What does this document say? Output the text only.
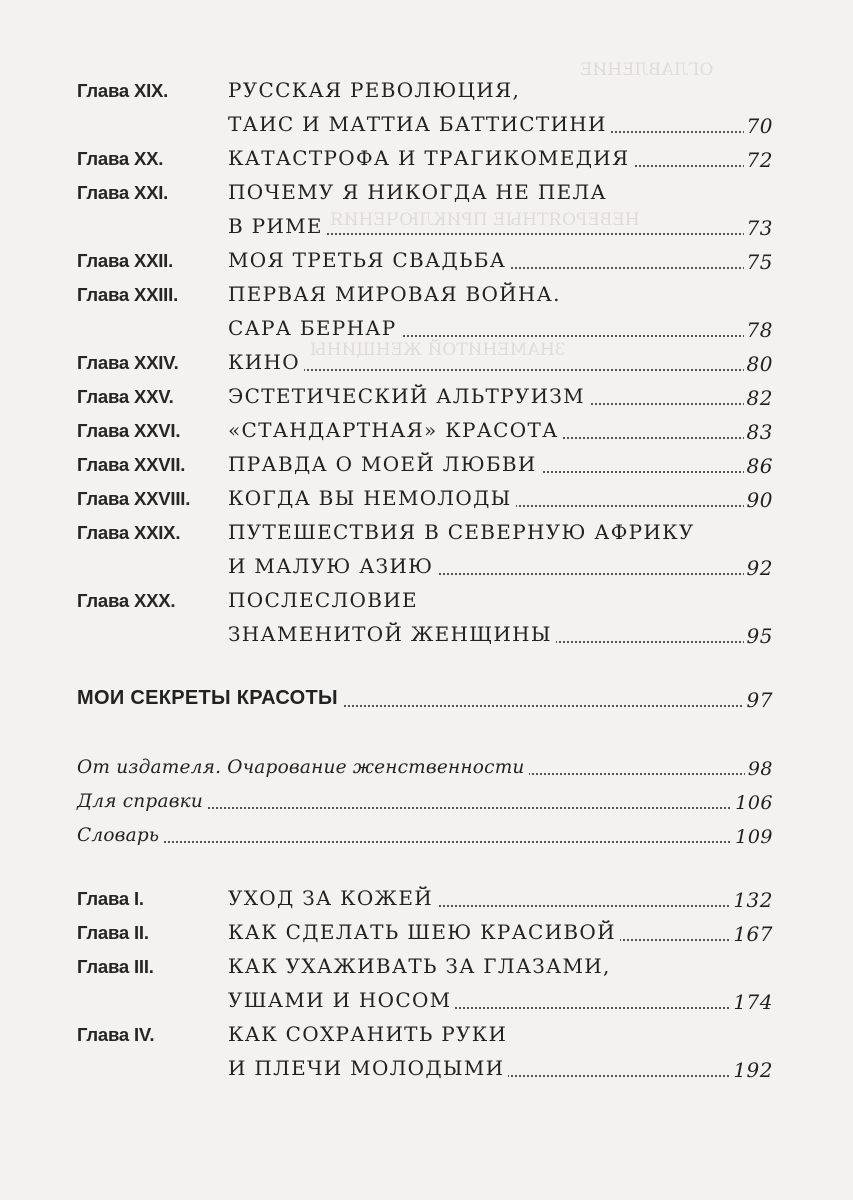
ОГЛАВЛЕНИЕ
НЕВЕРОЯТНЫЕ ПРИКЛЮЧЕНИЯ
ЗНАМЕНИТОЙ ЖЕНЩИНЫ
Глава XIX.	РУССКАЯ РЕВОЛЮЦИЯ,
ТАИС И МАТТИА БАТТИСТИНИ	70
Глава XX.	КАТАСТРОФА И ТРАГИКОМЕДИЯ	72
Глава XXI.	ПОЧЕМУ Я НИКОГДА НЕ ПЕЛА
В РИМЕ	73
Глава XXII.	МОЯ ТРЕТЬЯ СВАДЬБА	75
Глава XXIII. ПЕРВАЯ МИРОВАЯ ВОЙНА.
САРА БЕРНАР	78
Глава XXIV. КИНО	80
Глава XXV.	ЭСТЕТИЧЕСКИЙ АЛЬТРУИЗМ	82
Глава XXVI. «СТАНДАРТНАЯ» КРАСОТА	83
Глава XXVII. ПРАВДА О МОЕЙ ЛЮБВИ	86
Глава XXVIII. КОГДА ВЫ НЕМОЛОДЫ	90
Глава XXIX. ПУТЕШЕСТВИЯ В СЕВЕРНУЮ АФРИКУ
И МАЛУЮ АЗИЮ	92
Глава XXX.	ПОСЛЕСЛОВИЕ
ЗНАМЕНИТОЙ ЖЕНЩИНЫ	95
МОИ СЕКРЕТЫ КРАСОТЫ	97
От издателя. Очарование женственности	98
Для справки	106
Словарь	109
Глава I.	УХОД ЗА КОЖЕЙ	132
Глава II.	КАК СДЕЛАТЬ ШЕЮ КРАСИВОЙ	167
Глава III.	КАК УХАЖИВАТЬ ЗА ГЛАЗАМИ,
УШАМИ И НОСОМ	174
Глава IV.	КАК СОХРАНИТЬ РУКИ
И ПЛЕЧИ МОЛОДЫМИ	192
